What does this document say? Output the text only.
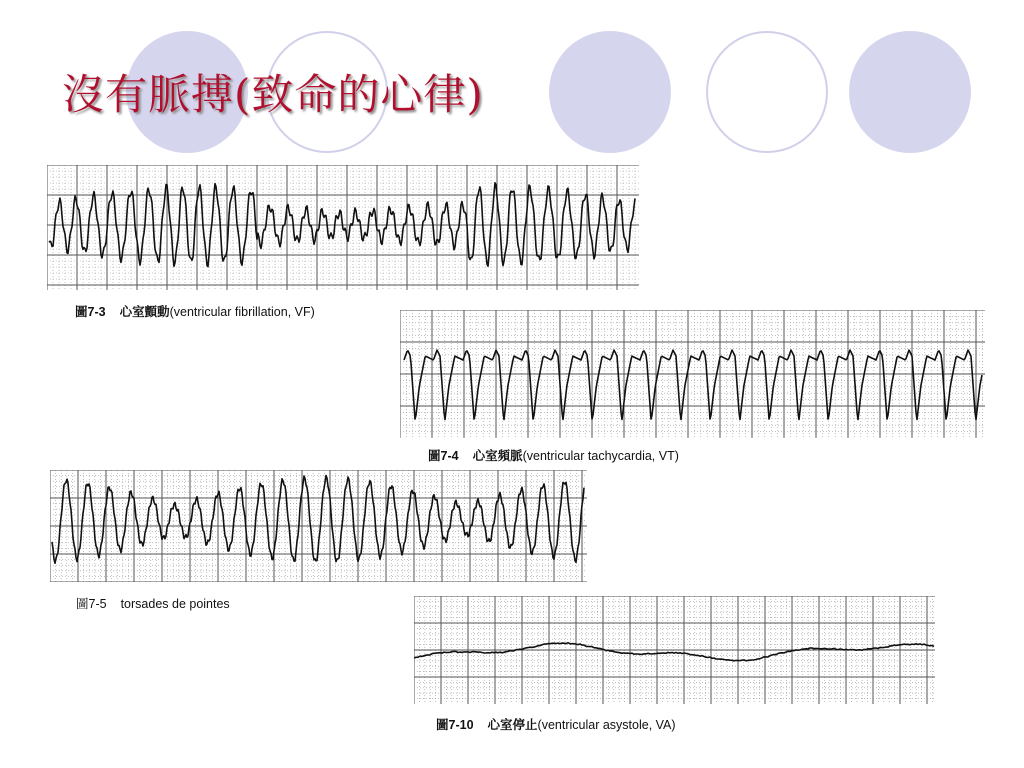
沒有脈搏(致命的心律)
圖7-3 心室顫動(ventricular fibrillation, VF)
圖7-4 心室頻脈(ventricular tachycardia, VT)
圖7-5 torsades de pointes
圖7-10 心室停止(ventricular asystole, VA)
